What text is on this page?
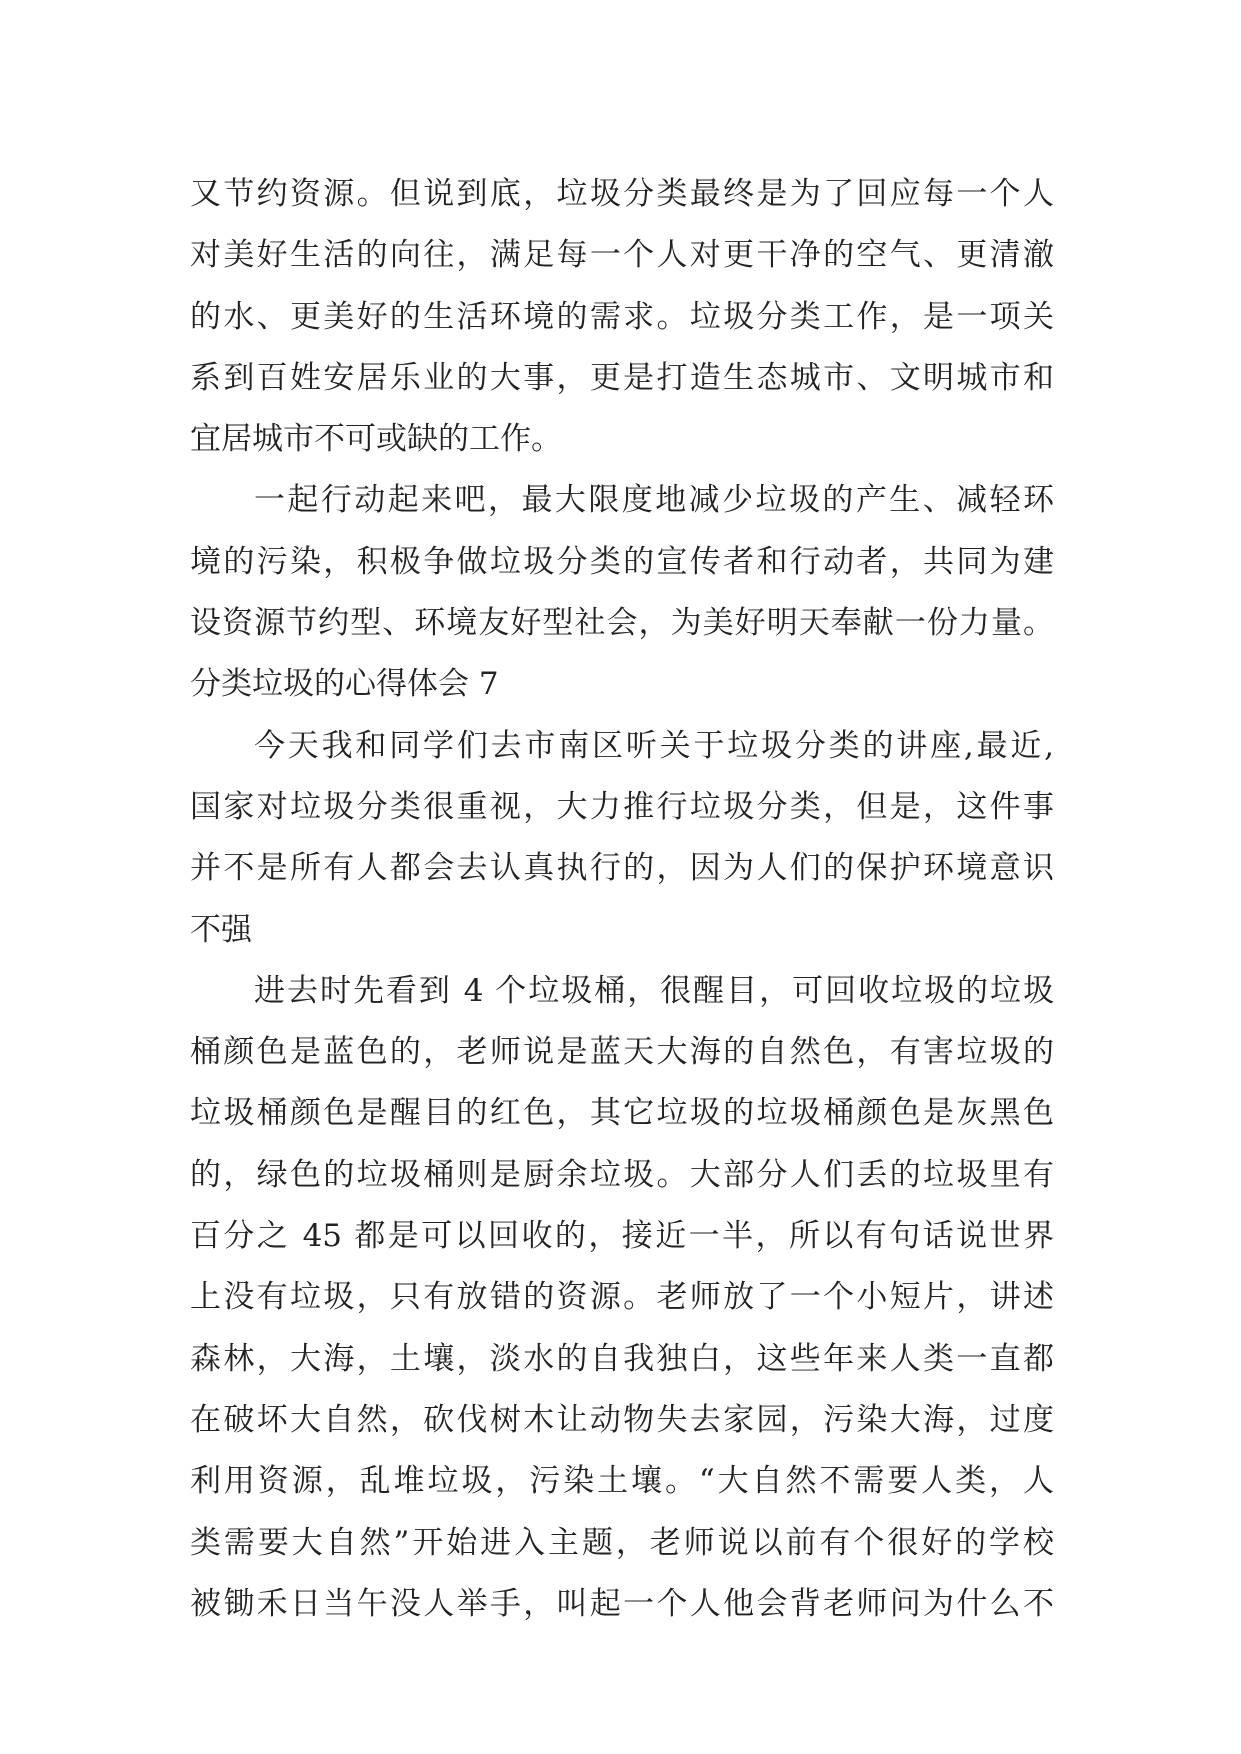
又节约资源。但说到底，垃圾分类最终是为了回应每一个人
对美好生活的向往，满足每一个人对更干净的空气、更清澈
的水、更美好的生活环境的需求。垃圾分类工作，是一项关
系到百姓安居乐业的大事，更是打造生态城市、文明城市和
宜居城市不可或缺的工作。
一起行动起来吧，最大限度地减少垃圾的产生、减轻环
境的污染，积极争做垃圾分类的宣传者和行动者，共同为建
设资源节约型、环境友好型社会，为美好明天奉献一份力量。
分类垃圾的心得体会 7
今天我和同学们去市南区听关于垃圾分类的讲座,最近,
国家对垃圾分类很重视，大力推行垃圾分类，但是，这件事
并不是所有人都会去认真执行的，因为人们的保护环境意识
不强
进去时先看到 4 个垃圾桶，很醒目，可回收垃圾的垃圾
桶颜色是蓝色的，老师说是蓝天大海的自然色，有害垃圾的
垃圾桶颜色是醒目的红色，其它垃圾的垃圾桶颜色是灰黑色
的，绿色的垃圾桶则是厨余垃圾。大部分人们丢的垃圾里有
百分之 45 都是可以回收的，接近一半，所以有句话说世界
上没有垃圾，只有放错的资源。老师放了一个小短片，讲述
森林，大海，土壤，淡水的自我独白，这些年来人类一直都
在破坏大自然，砍伐树木让动物失去家园，污染大海，过度
利用资源，乱堆垃圾，污染土壤。“大自然不需要人类，人
类需要大自然”开始进入主题，老师说以前有个很好的学校
被锄禾日当午没人举手，叫起一个人他会背老师问为什么不
